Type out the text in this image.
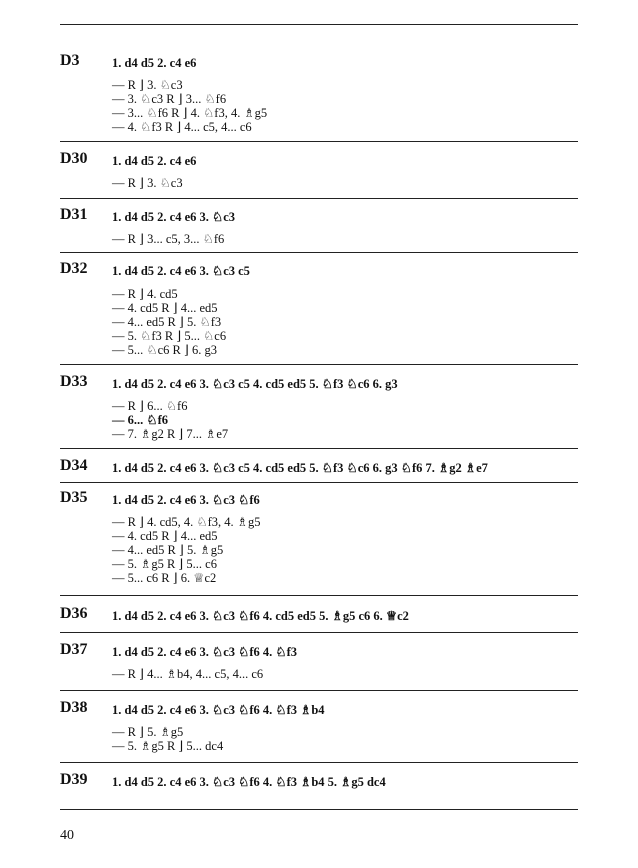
D3	1. d4 d5 2. c4 e6
— R ⌋ 3. ♘c3
— 3. ♘c3 R ⌋ 3... ♘f6
— 3... ♘f6 R ⌋ 4. ♘f3, 4. ♗g5
— 4. ♘f3 R ⌋ 4... c5, 4... c6
D30 1. d4 d5 2. c4 e6
— R ⌋ 3. ♘c3
D31 1. d4 d5 2. c4 e6 3. ♘c3
— R ⌋ 3... c5, 3... ♘f6
D32 1. d4 d5 2. c4 e6 3. ♘c3 c5
— R ⌋ 4. cd5
— 4. cd5 R ⌋ 4... ed5
— 4... ed5 R ⌋ 5. ♘f3
— 5. ♘f3 R ⌋ 5... ♘c6
— 5... ♘c6 R ⌋ 6. g3
D33 1. d4 d5 2. c4 e6 3. ♘c3 c5 4. cd5 ed5 5. ♘f3 ♘c6 6. g3
— R ⌋ 6... ♘f6
— 6... ♘f6
— 7. ♗g2 R ⌋ 7... ♗e7
D34 1. d4 d5 2. c4 e6 3. ♘c3 c5 4. cd5 ed5 5. ♘f3 ♘c6 6. g3 ♘f6 7. ♗g2 ♗e7
D35 1. d4 d5 2. c4 e6 3. ♘c3 ♘f6
— R ⌋ 4. cd5, 4. ♘f3, 4. ♗g5
— 4. cd5 R ⌋ 4... ed5
— 4... ed5 R ⌋ 5. ♗g5
— 5. ♗g5 R ⌋ 5... c6
— 5... c6 R ⌋ 6. ♕c2
D36 1. d4 d5 2. c4 e6 3. ♘c3 ♘f6 4. cd5 ed5 5. ♗g5 c6 6. ♕c2
D37 1. d4 d5 2. c4 e6 3. ♘c3 ♘f6 4. ♘f3
— R ⌋ 4... ♗b4, 4... c5, 4... c6
D38 1. d4 d5 2. c4 e6 3. ♘c3 ♘f6 4. ♘f3 ♗b4
— R ⌋ 5. ♗g5
— 5. ♗g5 R ⌋ 5... dc4
D39 1. d4 d5 2. c4 e6 3. ♘c3 ♘f6 4. ♘f3 ♗b4 5. ♗g5 dc4
40
